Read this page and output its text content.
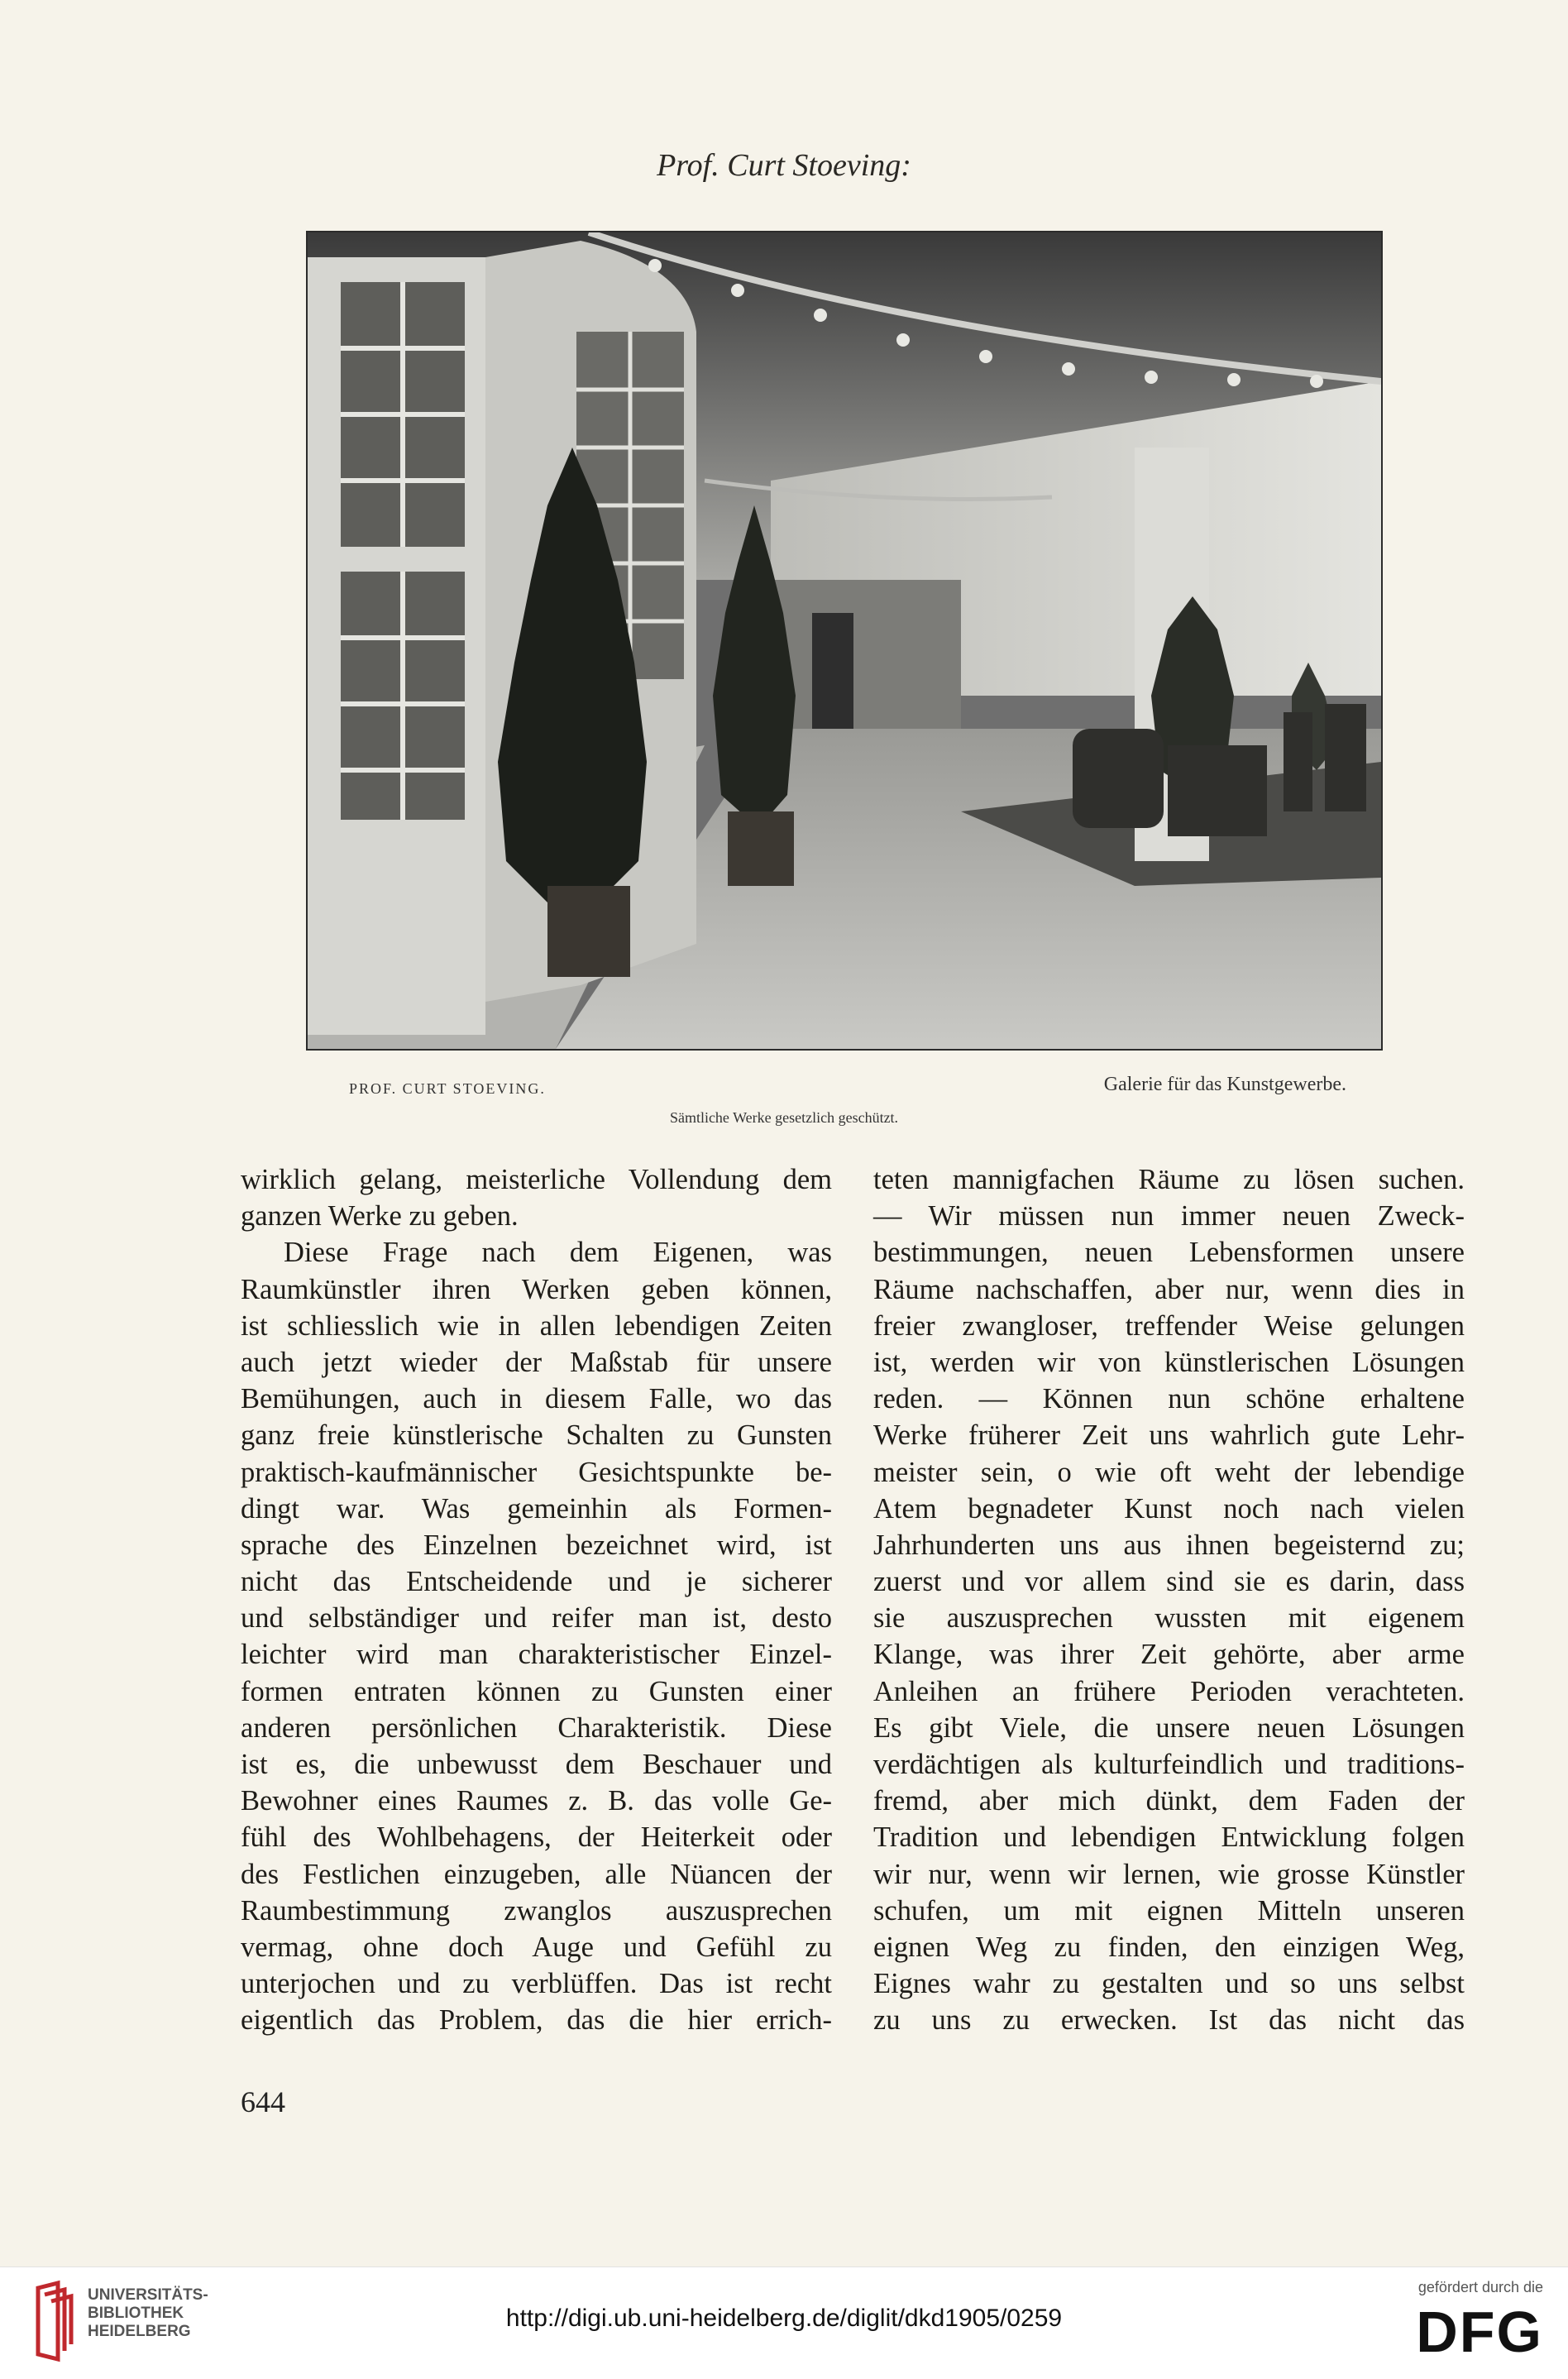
Prof. Curt Stoeving:
PROF. CURT STOEVING.	Galerie für das Kunstgewerbe.
Sämtliche Werke gesetzlich geschützt.
wirklich gelang, meisterliche Vollendung dem
ganzen Werke zu geben.
Diese Frage nach dem Eigenen, was
Raumkünstler ihren Werken geben können,
ist schliesslich wie in allen lebendigen Zeiten
auch jetzt wieder der Maßstab für unsere
Bemühungen, auch in diesem Falle, wo das
ganz freie künstlerische Schalten zu Gunsten
praktisch-kaufmännischer Gesichtspunkte be-
dingt war. Was gemeinhin als Formen-
sprache des Einzelnen bezeichnet wird, ist
nicht das Entscheidende und je sicherer
und selbständiger und reifer man ist, desto
leichter wird man charakteristischer Einzel-
formen entraten können zu Gunsten einer
anderen persönlichen Charakteristik. Diese
ist es, die unbewusst dem Beschauer und
Bewohner eines Raumes z. B. das volle Ge-
fühl des Wohlbehagens, der Heiterkeit oder
des Festlichen einzugeben, alle Nüancen der
Raumbestimmung zwanglos auszusprechen
vermag, ohne doch Auge und Gefühl zu
unterjochen und zu verblüffen. Das ist recht
eigentlich das Problem, das die hier errich-
teten mannigfachen Räume zu lösen suchen.
— Wir müssen nun immer neuen Zweck-
bestimmungen, neuen Lebensformen unsere
Räume nachschaffen, aber nur, wenn dies in
freier zwangloser, treffender Weise gelungen
ist, werden wir von künstlerischen Lösungen
reden. — Können nun schöne erhaltene
Werke früherer Zeit uns wahrlich gute Lehr-
meister sein, o wie oft weht der lebendige
Atem begnadeter Kunst noch nach vielen
Jahrhunderten uns aus ihnen begeisternd zu;
zuerst und vor allem sind sie es darin, dass
sie auszusprechen wussten mit eigenem
Klange, was ihrer Zeit gehörte, aber arme
Anleihen an frühere Perioden verachteten.
Es gibt Viele, die unsere neuen Lösungen
verdächtigen als kulturfeindlich und traditions-
fremd, aber mich dünkt, dem Faden der
Tradition und lebendigen Entwicklung folgen
wir nur, wenn wir lernen, wie grosse Künstler
schufen, um mit eignen Mitteln unseren
eignen Weg zu finden, den einzigen Weg,
Eignes wahr zu gestalten und so uns selbst
zu uns zu erwecken. Ist das nicht das
644
UNIVERSITÄTS-
BIBLIOTHEK
HEIDELBERG	http://digi.ub.uni-heidelberg.de/diglit/dkd1905/0259
gefördert durch die
DFG
